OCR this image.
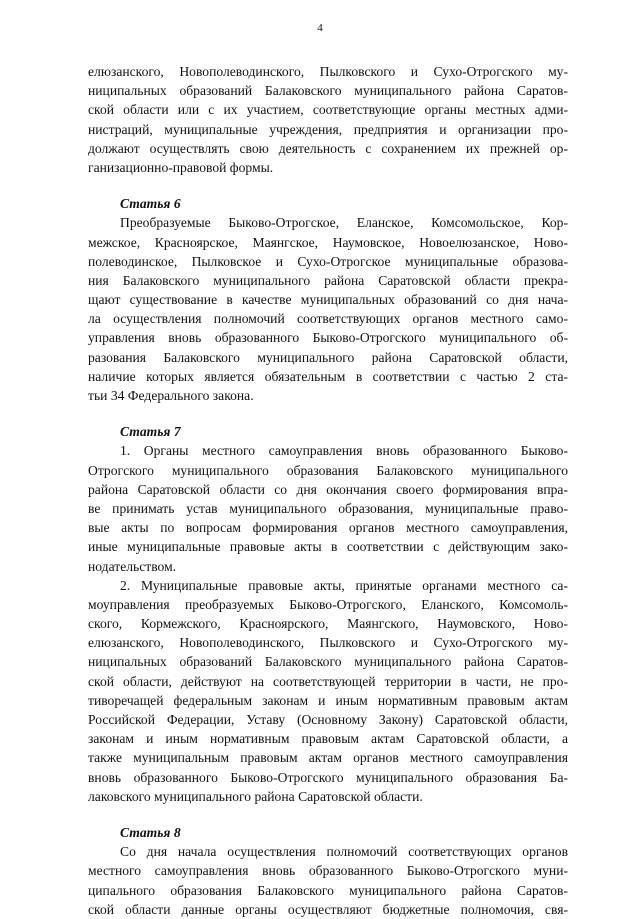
4
елюзанского, Новополеводинского, Пылковского и Сухо-Отрогского му-
ниципальных образований Балаковского муниципального района Саратов-
ской области или с их участием, соответствующие органы местных адми-
нистраций, муниципальные учреждения, предприятия и организации про-
должают осуществлять свою деятельность с сохранением их прежней ор-
ганизационно-правовой формы.
Статья 6
Преобразуемые Быково-Отрогское, Еланское, Комсомольское, Кор-
межское, Красноярское, Маянгское, Наумовское, Новоелюзанское, Ново-
полеводинское, Пылковское и Сухо-Отрогское муниципальные образова-
ния Балаковского муниципального района Саратовской области прекра-
щают существование в качестве муниципальных образований со дня нача-
ла осуществления полномочий соответствующих органов местного само-
управления вновь образованного Быково-Отрогского муниципального об-
разования Балаковского муниципального района Саратовской области,
наличие которых является обязательным в соответствии с частью 2 ста-
тьи 34 Федерального закона.
Статья 7
1. Органы местного самоуправления вновь образованного Быково-
Отрогского муниципального образования Балаковского муниципального
района Саратовской области со дня окончания своего формирования впра-
ве принимать устав муниципального образования, муниципальные право-
вые акты по вопросам формирования органов местного самоуправления,
иные муниципальные правовые акты в соответствии с действующим зако-
нодательством.
2. Муниципальные правовые акты, принятые органами местного са-
моуправления преобразуемых Быково-Отрогского, Еланского, Комсомоль-
ского, Кормежского, Красноярского, Маянгского, Наумовского, Ново-
елюзанского, Новополеводинского, Пылковского и Сухо-Отрогского му-
ниципальных образований Балаковского муниципального района Саратов-
ской области, действуют на соответствующей территории в части, не про-
тиворечащей федеральным законам и иным нормативным правовым актам
Российской Федерации, Уставу (Основному Закону) Саратовской области,
законам и иным нормативным правовым актам Саратовской области, а
также муниципальным правовым актам органов местного самоуправления
вновь образованного Быково-Отрогского муниципального образования Ба-
лаковского муниципального района Саратовской области.
Статья 8
Со дня начала осуществления полномочий соответствующих органов
местного самоуправления вновь образованного Быково-Отрогского муни-
ципального образования Балаковского муниципального района Саратов-
ской области данные органы осуществляют бюджетные полномочия, свя-
